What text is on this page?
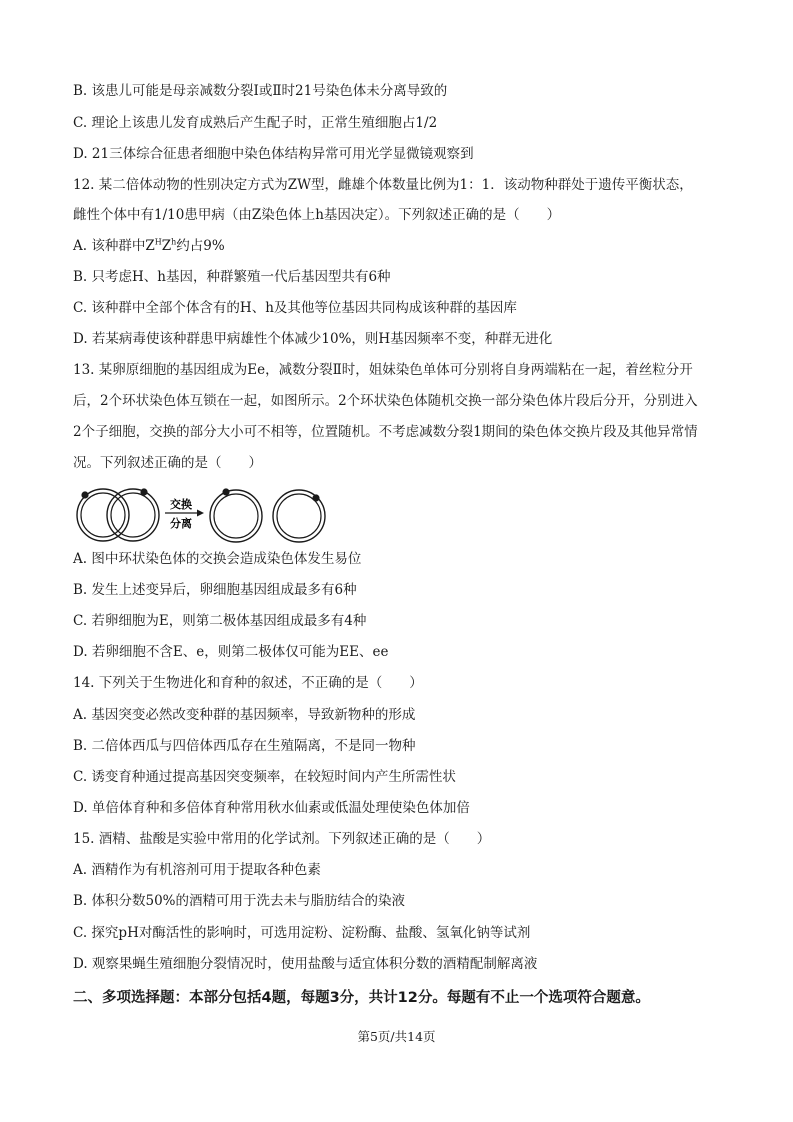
B. 该患儿可能是母亲减数分裂Ⅰ或Ⅱ时21号染色体未分离导致的
C. 理论上该患儿发育成熟后产生配子时，正常生殖细胞占1/2
D. 21三体综合征患者细胞中染色体结构异常可用光学显微镜观察到
12. 某二倍体动物的性别决定方式为ZW型，雌雄个体数量比例为1：1．该动物种群处于遗传平衡状态，
雌性个体中有1/10患甲病（由Z染色体上h基因决定）。下列叙述正确的是（　　）
A. 该种群中$Z^HZ^h$约占9%
B. 只考虑H、h基因，种群繁殖一代后基因型共有6种
C. 该种群中全部个体含有的H、h及其他等位基因共同构成该种群的基因库
D. 若某病毒使该种群患甲病雄性个体减少10%，则H基因频率不变，种群无进化
13. 某卵原细胞的基因组成为Ee，减数分裂Ⅱ时，姐妹染色单体可分别将自身两端粘在一起，着丝粒分开
后，2个环状染色体互锁在一起，如图所示。2个环状染色体随机交换一部分染色体片段后分开，分别进入
2个子细胞，交换的部分大小可不相等，位置随机。不考虑减数分裂1期间的染色体交换片段及其他异常情
况。下列叙述正确的是（　　）
交换
分离
A. 图中环状染色体的交换会造成染色体发生易位
B. 发生上述变异后，卵细胞基因组成最多有6种
C. 若卵细胞为E，则第二极体基因组成最多有4种
D. 若卵细胞不含E、e，则第二极体仅可能为EE、ee
14. 下列关于生物进化和育种的叙述，不正确的是（　　）
A. 基因突变必然改变种群的基因频率，导致新物种的形成
B. 二倍体西瓜与四倍体西瓜存在生殖隔离，不是同一物种
C. 诱变育种通过提高基因突变频率，在较短时间内产生所需性状
D. 单倍体育种和多倍体育种常用秋水仙素或低温处理使染色体加倍
15. 酒精、盐酸是实验中常用的化学试剂。下列叙述正确的是（　　）
A. 酒精作为有机溶剂可用于提取各种色素
B. 体积分数50%的酒精可用于洗去未与脂肪结合的染液
C. 探究pH对酶活性的影响时，可选用淀粉、淀粉酶、盐酸、氢氧化钠等试剂
D. 观察果蝇生殖细胞分裂情况时，使用盐酸与适宜体积分数的酒精配制解离液
二、多项选择题：本部分包括4题，每题3分，共计12分。每题有不止一个选项符合题意。
第5页/共14页
